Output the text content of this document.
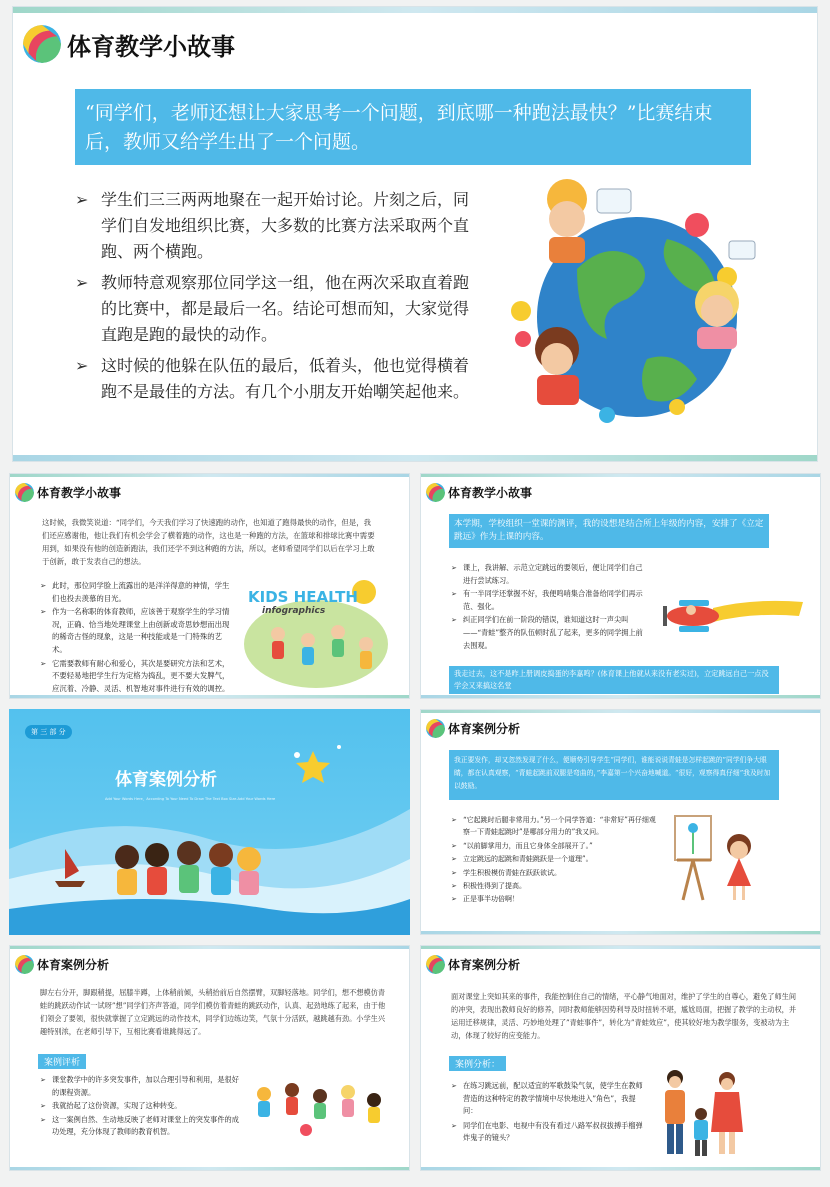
体育教学小故事
“同学们，老师还想让大家思考一个问题，到底哪一种跑法最快？”比赛结束后，教师又给学生出了一个问题。
➢ 学生们三三两两地聚在一起开始讨论。片刻之后，同学们自发地组织比赛，大多数的比赛方法采取两个直跑、两个横跑。
➢ 教师特意观察那位同学这一组，他在两次采取直着跑的比赛中，都是最后一名。结论可想而知，大家觉得直跑是跑的最快的动作。
➢ 这时候的他躲在队伍的最后，低着头，他也觉得横着跑不是最佳的方法。有几个小朋友开始嘲笑起他来。
体育教学小故事
这时候，我微笑说道：“同学们，今天我们学习了快速跑的动作，也知道了跑得最快的动作，但是，我们还应感谢他，他让我们有机会学会了横着跑的动作，这也是一种跑的方法，在篮球和排球比赛中需要用到，如果没有他的创造新跑法，我们还学不到这种跑的方法，所以，老师希望同学们以后在学习上敢于创新，敢于发表自己的想法。
➢ 此时，那位同学脸上流露出的是洋洋得意的神情，学生们也投去羡慕的目光。
➢ 作为一名称职的体育教师，应该善于观察学生的学习情况，正确、恰当地处理课堂上由创新或奇思妙想而出现的稀奇古怪的现象，这是一种技能或是一门特殊的艺术。
➢ 它需要教师有耐心和爱心，其次是要研究方法和艺术，不要轻易地把学生行为定格为捣乱，更不要大发脾气，应沉着、冷静、灵活、机智地对事件进行有效的调控。
KIDS HEALTH
infographics
体育教学小故事
本学期，学校组织一堂课的测评，我的设想是结合所上年级的内容，安排了《立定跳远》作为上课的内容。
➢ 课上，我讲解、示范立定跳远的要领后，便让同学们自己进行尝试练习。
➢ 有一半同学还掌握不好，我便鸣哨集合准备给同学们再示范、强化。
➢ 纠正同学们在前一阶段的错误，谁知道这时一声尖叫——“青蛙”整齐的队伍顿时乱了起来，更多的同学拥上前去围观。
我走过去，这不是昨上册调皮捣蛋的李嘉鸣？(体育课上他就从来没有老实过)，立定跳远自己一点没学会又来搞这名堂
第 三 部 分
体育案例分析
Add Your Words Here，According To Your Need To Draw The Text Box Size.Add Your Words Here
体育案例分析
我正要发作，却又忽然发现了什么，便顺势引导学生“同学们，谁能说说青蛙是怎样起跳的”同学们争大眼睛，都在认真观察，“青蛙起跳前双腿是弯曲的，”李嘉第一个兴奋地喊道。“很好，观察得真仔细”我及时加以鼓励。
➢ “它起跳时后腿非常用力。”另一个同学答道：“非常好”再仔细观察一下青蛙起跳时”是哪部分用力的”我又问。
➢ “以前脚掌用力，而且它身体全部展开了。”
➢ 立定跳远的起跳和青蛙跳跃是一个道理”。
➢ 学生积极模仿青蛙在跃跃欲试。
➢ 积极性得到了提高。
➢ 正是事半功倍啊！
体育案例分析
脚左右分开，脚跟稍提，屈膝半蹲，上体稍前倾，头稍抬前后自然摆臂，双脚轻落地。同学们，想不想模仿青蛙的跳跃动作试一试呀”想”同学们齐声答道，同学们模仿着青蛙的跳跃动作，认真、起劲地练了起来，由于他们领会了要领，很快就掌握了立定跳远的动作技术，同学们边练边笑，气氛十分活跃，越跳越有劲。小学生兴趣特别浓，在老师引导下，互相比赛看谁跳得远了。
案例评析
➢ 课堂教学中的许多突发事件，加以合理引导和利用，是很好的课程资源。
➢ 我就抬起了这份资源，实现了这种转变。
➢ 这一案例自然、生动地反映了老师对课堂上的突发事件的成功处理，充分体现了教师的教育机智。
体育案例分析
面对课堂上突如其来的事件，我能控制住自己的情绪，平心静气地面对，维护了学生的自尊心，避免了师生间的冲突，表现出教师良好的修养，同时教师能够因势利导及时扭转不堪，尴尬局面，把握了教学的主动权，并运用迁移规律，灵活、巧妙地处理了”青蛙事件”，转化为”青蛙效应”，使其较好地为教学服务，变被动为主动，体现了较好的应变能力。
案例分析：
➢ 在练习跳远前，配以适宜的军歌鼓染气氛，使学生在教师营造的这种特定的教学情境中尽快地进入”角色”，我提问：
➢ 同学们在电影、电视中有没有看过八路军叔叔拔搏手榴弹炸鬼子的镜头？
